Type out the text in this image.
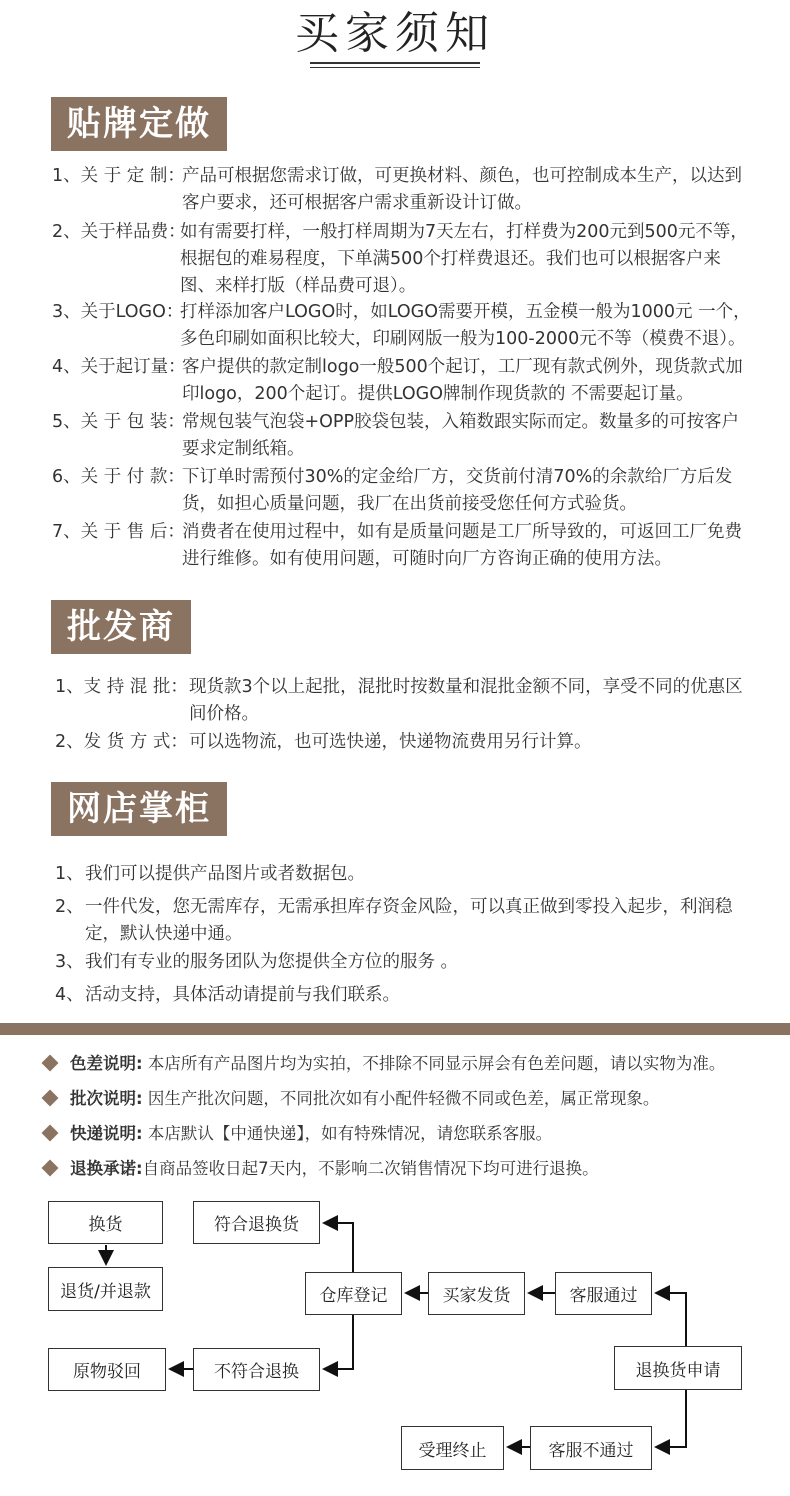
买家须知
贴牌定做
1、关 于 定 制：
产品可根据您需求订做，可更换材料、颜色，也可控制成本生产，以达到客户要求，还可根据客户需求重新设计订做。
2、关于样品费：
如有需要打样，一般打样周期为7天左右，打样费为200元到500元不等，根据包的难易程度，下单满500个打样费退还。我们也可以根据客户来图、来样打版（样品费可退）。
3、关于LOGO：
打样添加客户LOGO时，如LOGO需要开模，五金模一般为1000元 一个，多色印刷如面积比较大，印刷网版一般为100-2000元不等（模费不退）。
4、关于起订量：
客户提供的款定制logo一般500个起订，工厂现有款式例外，现货款式加印logo，200个起订。提供LOGO牌制作现货款的 不需要起订量。
5、关 于 包 装：
常规包装气泡袋+OPP胶袋包装，入箱数跟实际而定。数量多的可按客户要求定制纸箱。
6、关 于 付 款：
下订单时需预付30%的定金给厂方，交货前付清70%的余款给厂方后发货，如担心质量问题，我厂在出货前接受您任何方式验货。
7、关 于 售 后：
消费者在使用过程中，如有是质量问题是工厂所导致的，可返回工厂免费进行维修。如有使用问题，可随时向厂方咨询正确的使用方法。
批发商
1、支 持 混 批： 现货款3个以上起批，混批时按数量和混批金额不同，享受不同的优惠区间价格。
2、发 货 方 式： 可以选物流，也可选快递，快递物流费用另行计算。
网店掌柜
1、 我们可以提供产品图片或者数据包。
2、 一件代发，您无需库存，无需承担库存资金风险，可以真正做到零投入起步，利润稳定，默认快递中通。
3、 我们有专业的服务团队为您提供全方位的服务 。
4、 活动支持，具体活动请提前与我们联系。
色差说明: 本店所有产品图片均为实拍，不排除不同显示屏会有色差问题，请以实物为准。
批次说明: 因生产批次问题，不同批次如有小配件轻微不同或色差，属正常现象。
快递说明: 本店默认【中通快递】，如有特殊情况，请您联系客服。
退换承诺:自商品签收日起7天内，不影响二次销售情况下均可进行退换。
换货
退货/并退款
符合退换货
仓库登记	买家发货	客服通过
原物驳回	不符合退换	退换货申请
受理终止	客服不通过
